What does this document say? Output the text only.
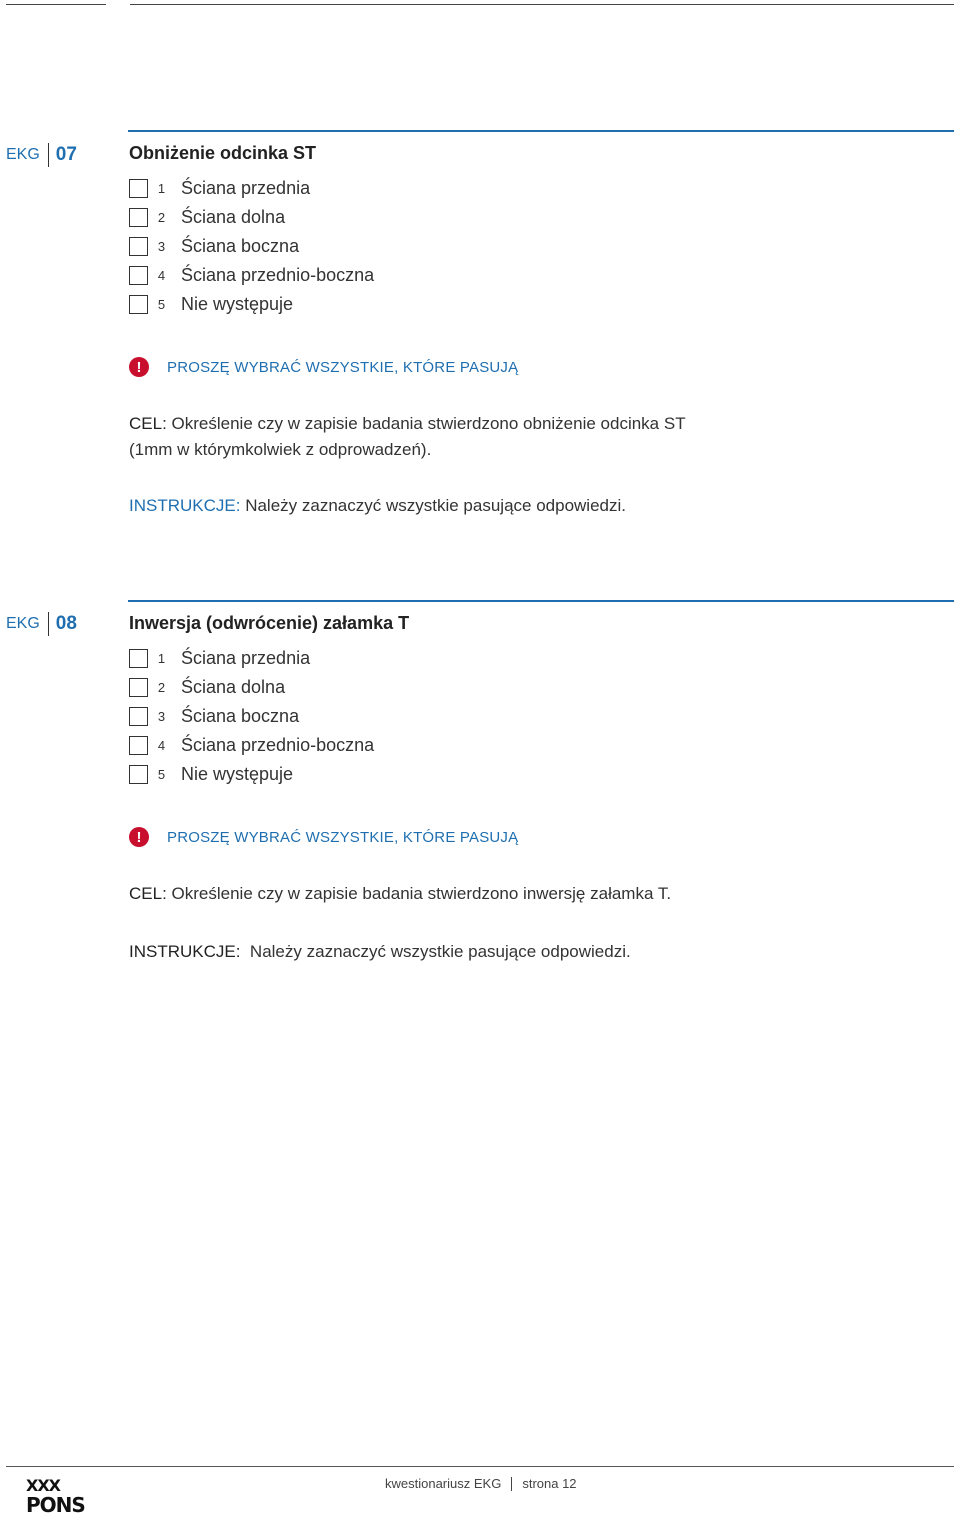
EKG 07	Obniżenie odcinka ST
1 Ściana przednia
2 Ściana dolna
3 Ściana boczna
4 Ściana przednio-boczna
5 Nie występuje
!	PROSZĘ WYBRAĆ WSZYSTKIE, KTÓRE PASUJĄ
CEL: Określenie czy w zapisie badania stwierdzono obniżenie odcinka ST
(1mm w którymkolwiek z odprowadzeń).
INSTRUKCJE: Należy zaznaczyć wszystkie pasujące odpowiedzi.
EKG 08	Inwersja (odwrócenie) załamka T
1 Ściana przednia
2 Ściana dolna
3 Ściana boczna
4 Ściana przednio-boczna
5 Nie występuje
!	PROSZĘ WYBRAĆ WSZYSTKIE, KTÓRE PASUJĄ
CEL: Określenie czy w zapisie badania stwierdzono inwersję załamka T.
INSTRUKCJE: Należy zaznaczyć wszystkie pasujące odpowiedzi.
XXX
PONS
kwestionariusz EKG strona 12
